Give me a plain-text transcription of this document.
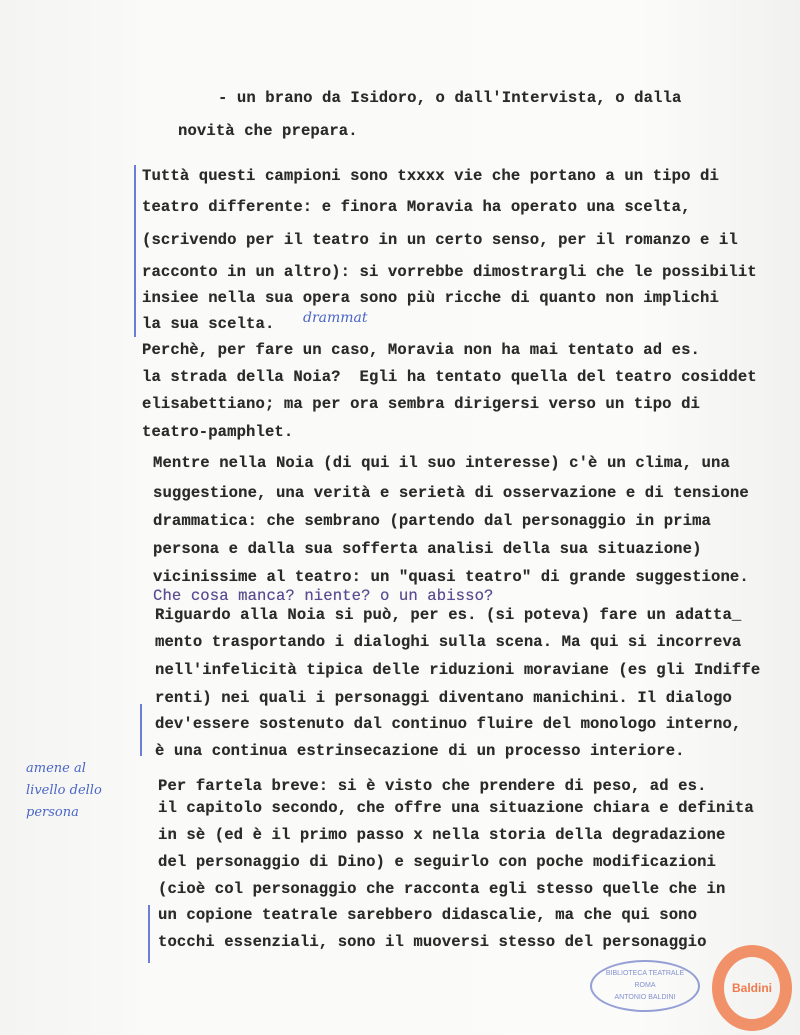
- un brano da Isidoro, o dall'Intervista, o dalla
novità che prepara.
Tuttà questi campioni sono txxxx vie che portano a un tipo di
teatro differente: e finora Moravia ha operato una scelta,
(scrivendo per il teatro in un certo senso, per il romanzo e il
racconto in un altro): si vorrebbe dimostrargli che le possibilit
insiee nella sua opera sono più ricche di quanto non implichi
la sua scelta.
Perchè, per fare un caso, Moravia non ha mai tentato ad es.
la strada della Noia?  Egli ha tentato quella del teatro cosiddet
elisabettiano; ma per ora sembra dirigersi verso un tipo di
teatro-pamphlet.
Mentre nella Noia (di qui il suo interesse) c'è un clima, una
suggestione, una verità e serietà di osservazione e di tensione
drammatica: che sembrano (partendo dal personaggio in prima
persona e dalla sua sofferta analisi della sua situazione)
vicinissime al teatro: un "quasi teatro" di grande suggestione.
Che cosa manca? niente? o un abisso?
Riguardo alla Noia si può, per es. (si poteva) fare un adatta_
mento trasportando i dialoghi sulla scena. Ma qui si incorreva
nell'infelicità tipica delle riduzioni moraviane (es gli Indiffe
renti) nei quali i personaggi diventano manichini. Il dialogo
dev'essere sostenuto dal continuo fluire del monologo interno,
è una continua estrinsecazione di un processo interiore.
Per fartela breve: si è visto che prendere di peso, ad es.
il capitolo secondo, che offre una situazione chiara e definita
in sè (ed è il primo passo x nella storia della degradazione
del personaggio di Dino) e seguirlo con poche modificazioni
(cioè col personaggio che racconta egli stesso quelle che in
un copione teatrale sarebbero didascalie, ma che qui sono
tocchi essenziali, sono il muoversi stesso del personaggio
drammat
amene al
livello dello
persona
Baldini
BIBLIOTECA TEATRALE
ROMA
ANTONIO BALDINI
